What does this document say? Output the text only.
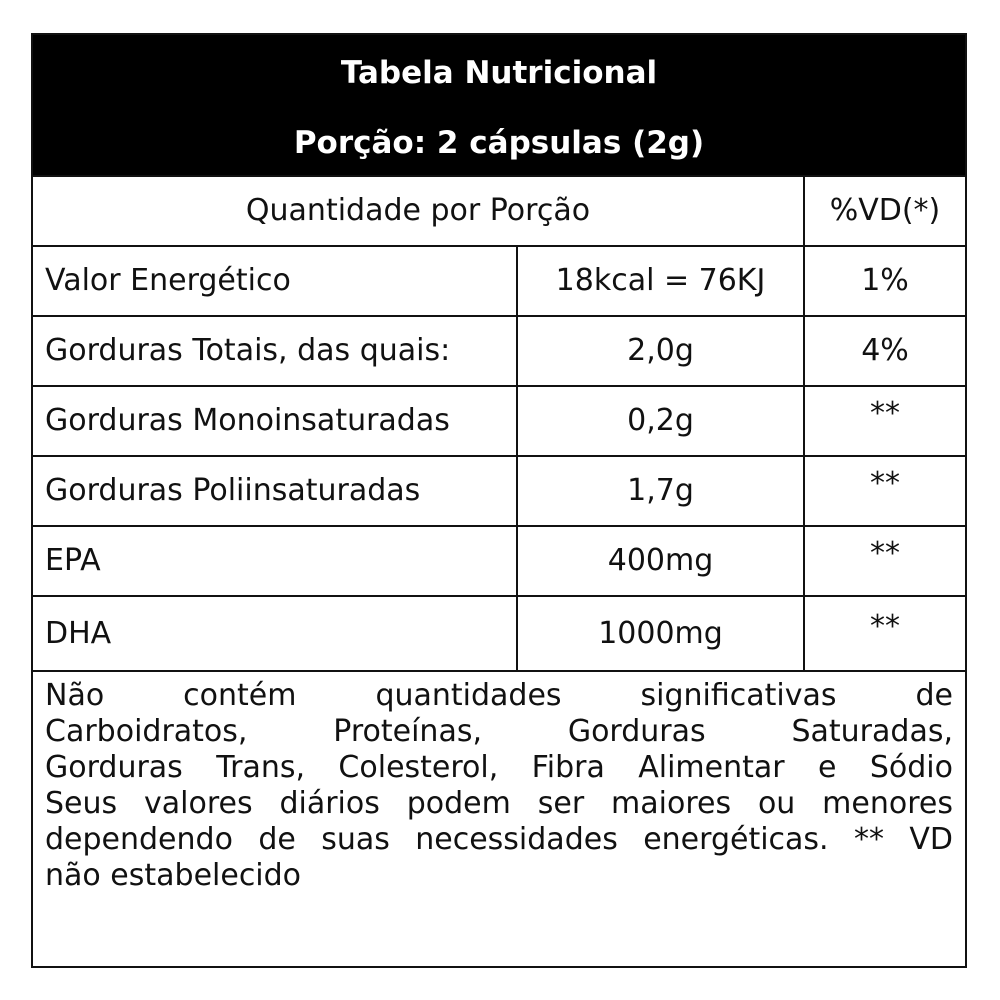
Tabela Nutricional
Porção: 2 cápsulas (2g)
Quantidade por Porção	%VD(*)
Valor Energético	18kcal = 76KJ	1%
Gorduras Totais, das quais:	2,0g	4%
Gorduras Monoinsaturadas	0,2g	**
Gorduras Poliinsaturadas	1,7g	**
EPA	400mg	**
DHA	1000mg	**

Não contém quantidades significativas de

Carboidratos, Proteínas, Gorduras Saturadas,

Gorduras Trans, Colesterol, Fibra Alimentar e Sódio

Seus valores diários podem ser maiores ou menores

dependendo de suas necessidades energéticas. ** VD

não estabelecido
